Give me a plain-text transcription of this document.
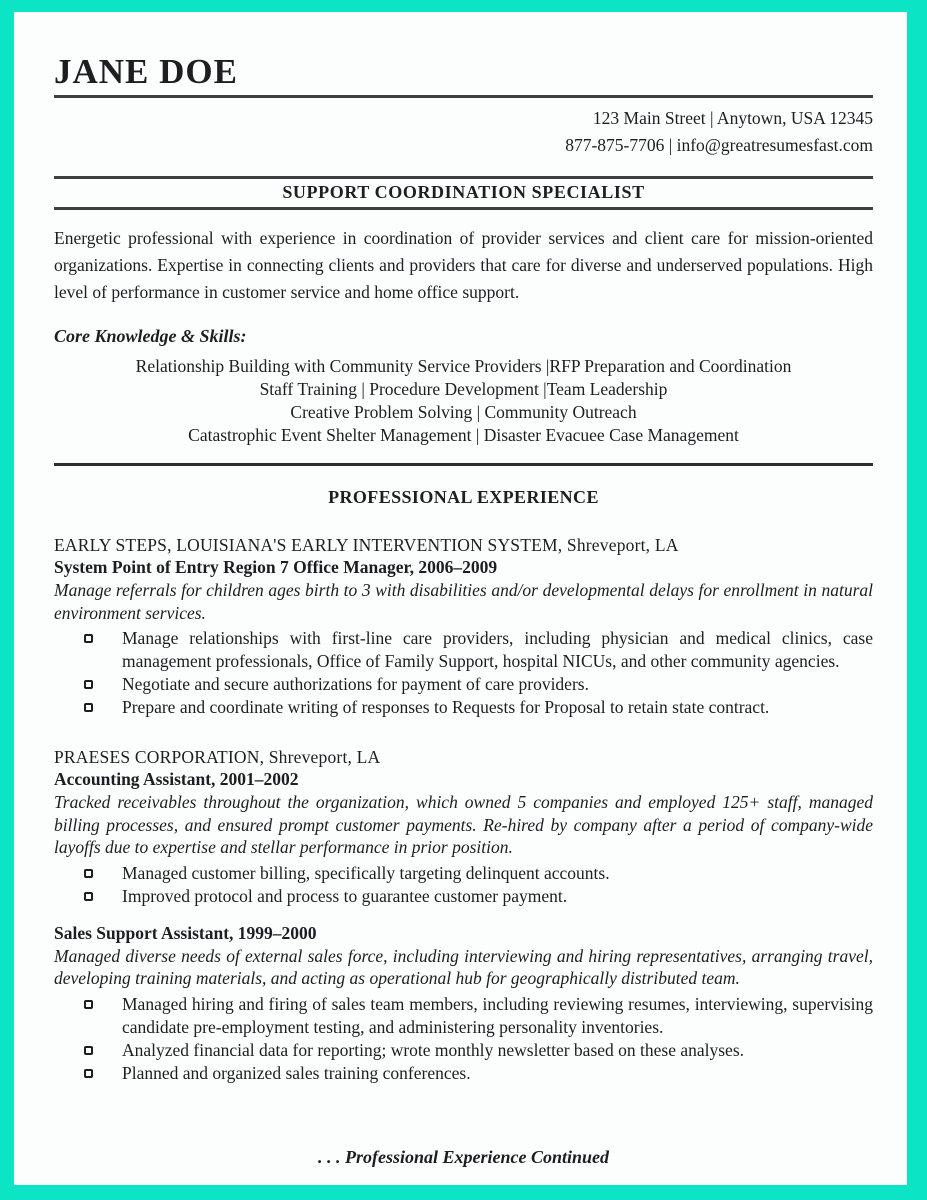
JANE DOE
123 Main Street | Anytown, USA 12345
877-875-7706 | info@greatresumesfast.com
SUPPORT COORDINATION SPECIALIST

Energetic professional with experience in coordination of provider services and client care for mission-oriented organizations. Expertise in connecting clients and providers that care for diverse and underserved populations. High level of performance in customer service and home office support.

Core Knowledge & Skills:
Relationship Building with Community Service Providers |RFP Preparation and Coordination
Staff Training | Procedure Development |Team Leadership
Creative Problem Solving | Community Outreach
Catastrophic Event Shelter Management | Disaster Evacuee Case Management
PROFESSIONAL EXPERIENCE
EARLY STEPS, LOUISIANA'S EARLY INTERVENTION SYSTEM, Shreveport, LA
System Point of Entry Region 7 Office Manager, 2006–2009

Manage referrals for children ages birth to 3 with disabilities and/or developmental delays for enrollment in natural environment services.

Manage relationships with first-line care providers, including physician and medical clinics, case management professionals, Office of Family Support, hospital NICUs, and other community agencies.
Negotiate and secure authorizations for payment of care providers.
Prepare and coordinate writing of responses to Requests for Proposal to retain state contract.
PRAESES CORPORATION, Shreveport, LA
Accounting Assistant, 2001–2002

Tracked receivables throughout the organization, which owned 5 companies and employed 125+ staff, managed billing processes, and ensured prompt customer payments. Re-hired by company after a period of company-wide layoffs due to expertise and stellar performance in prior position.

Managed customer billing, specifically targeting delinquent accounts.
Improved protocol and process to guarantee customer payment.
Sales Support Assistant, 1999–2000

Managed diverse needs of external sales force, including interviewing and hiring representatives, arranging travel, developing training materials, and acting as operational hub for geographically distributed team.

Managed hiring and firing of sales team members, including reviewing resumes, interviewing, supervising candidate pre-employment testing, and administering personality inventories.
Analyzed financial data for reporting; wrote monthly newsletter based on these analyses.
Planned and organized sales training conferences.
. . . Professional Experience Continued
